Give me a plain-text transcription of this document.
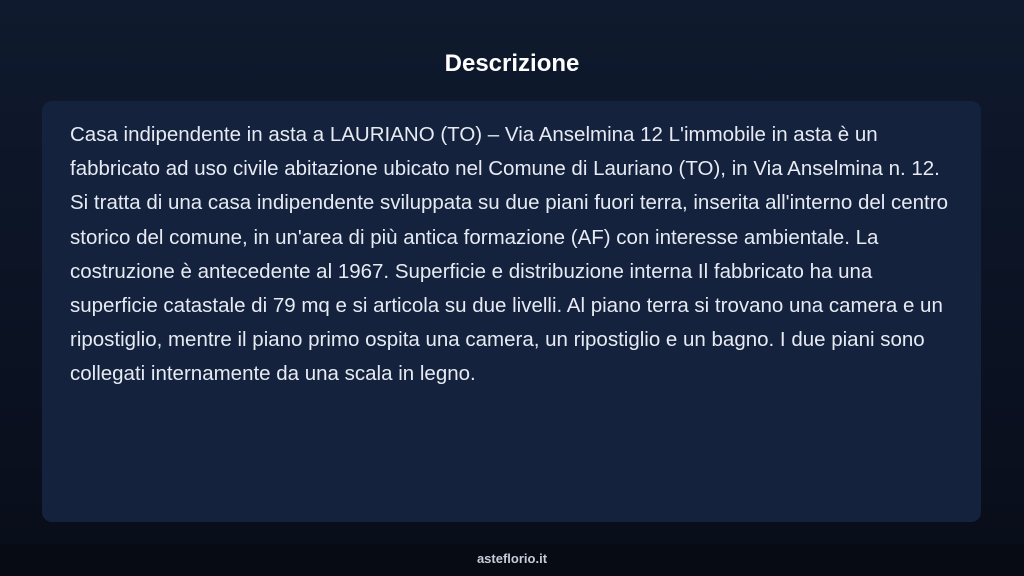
Descrizione

Casa indipendente in asta a LAURIANO (TO) – Via Anselmina 12 L'immobile in asta è un fabbricato ad uso civile abitazione ubicato nel Comune di Lauriano (TO), in Via Anselmina n. 12. Si tratta di una casa indipendente sviluppata su due piani fuori terra, inserita all'interno del centro storico del comune, in un'area di più antica formazione (AF) con interesse ambientale. La costruzione è antecedente al 1967. Superficie e distribuzione interna Il fabbricato ha una superficie catastale di 79 mq e si articola su due livelli. Al piano terra si trovano una camera e un ripostiglio, mentre il piano primo ospita una camera, un ripostiglio e un bagno. I due piani sono collegati internamente da una scala in legno.

asteflorio.it
